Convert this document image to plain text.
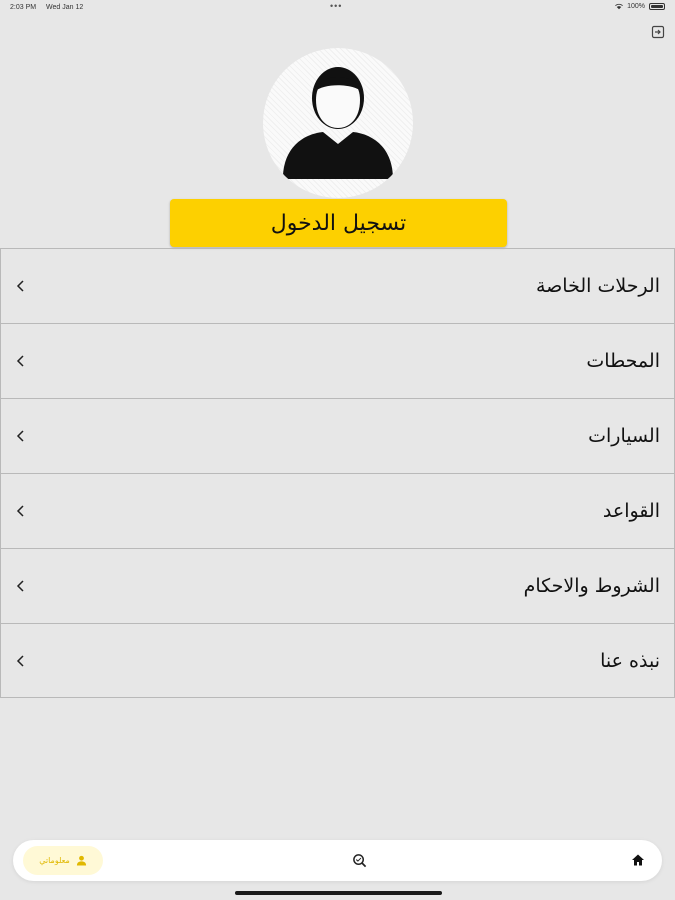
2:03 PM Wed Jan 12	•••	100%
تسجيل الدخول
الرحلات الخاصة
المحطات
السيارات
القواعد
الشروط والاحكام
نبذه عنا
معلوماتي
